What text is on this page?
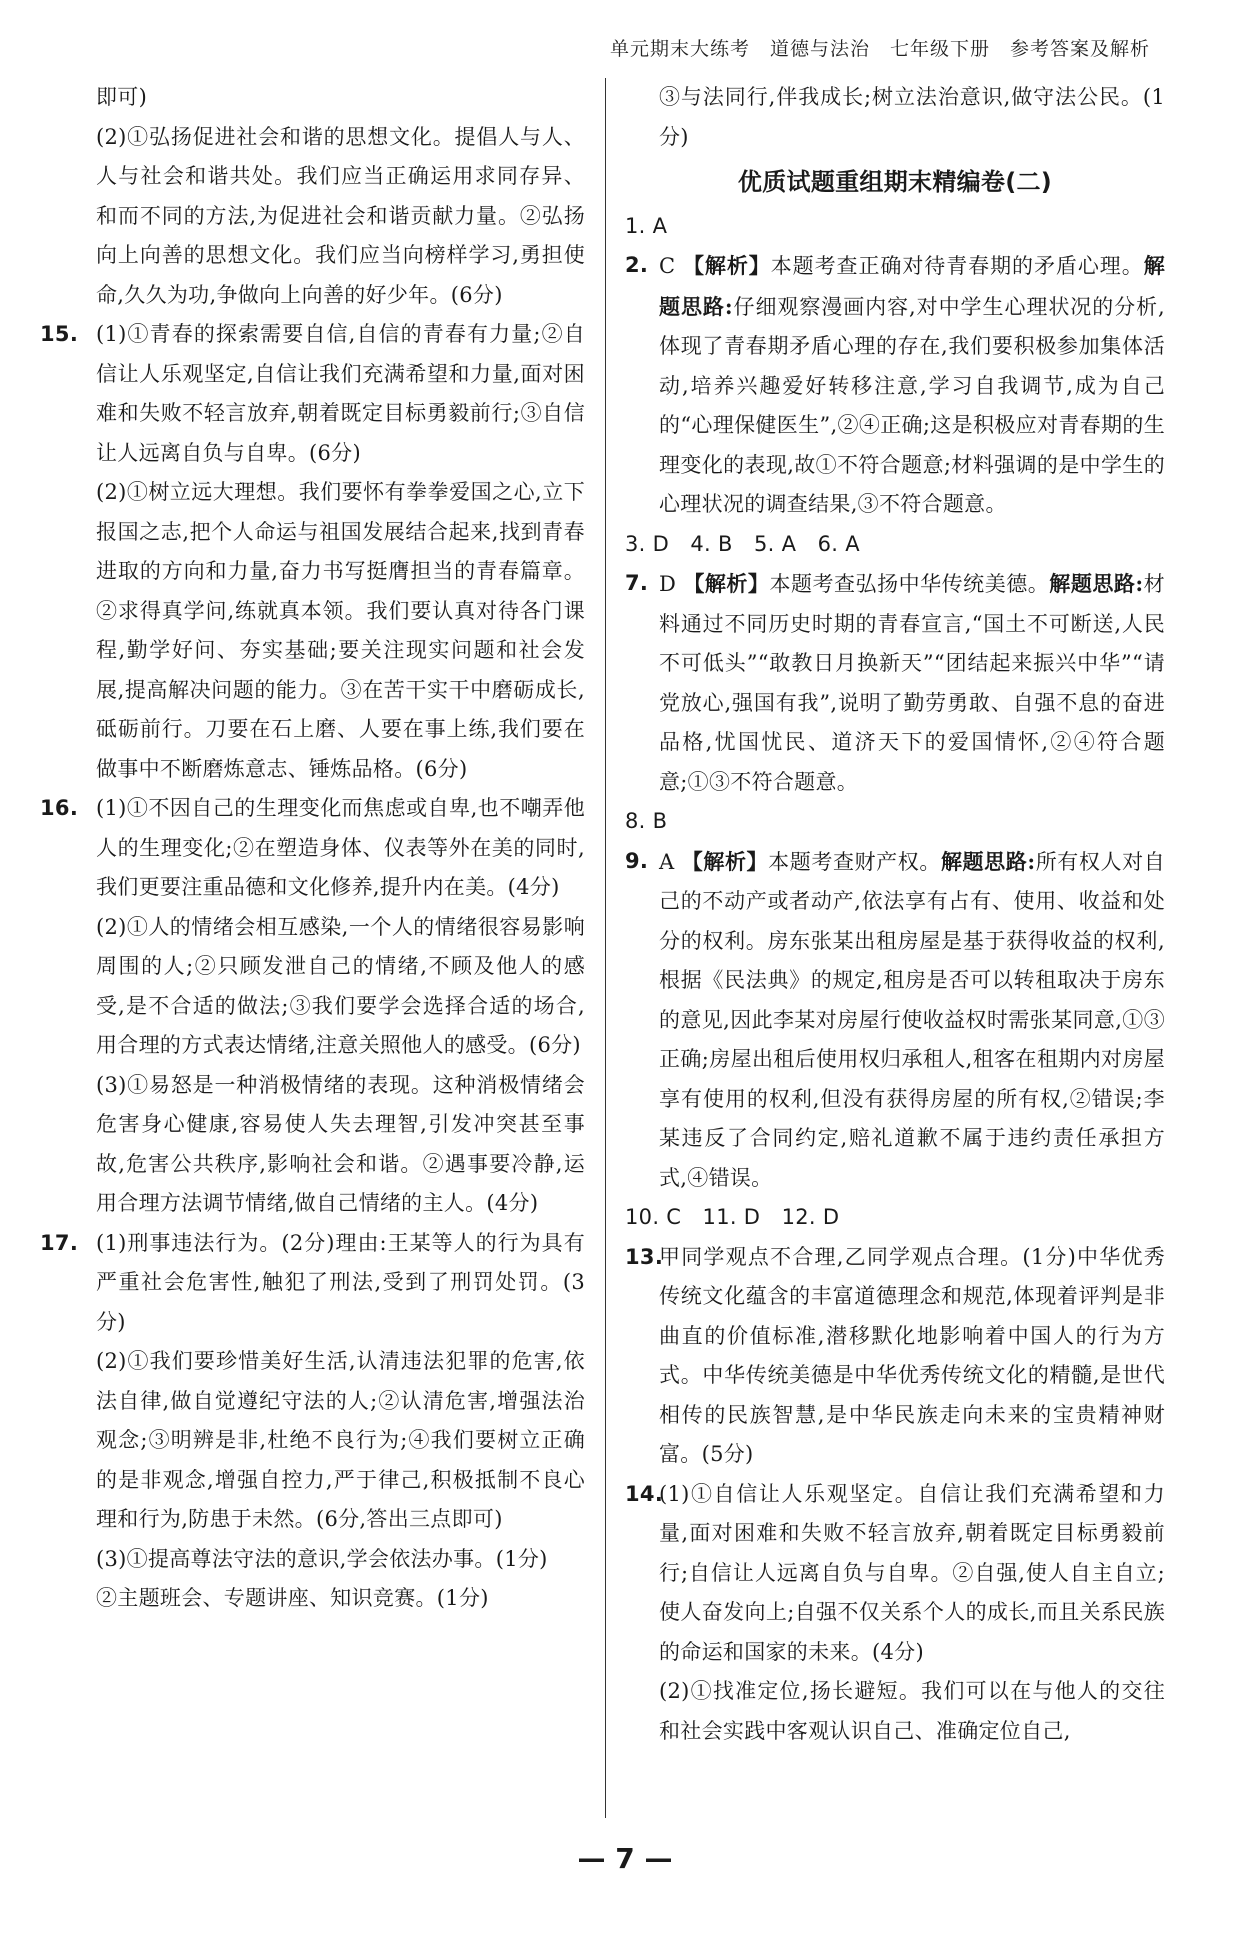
单元期末大练考　道德与法治　七年级下册　参考答案及解析

即可)

(2)①弘扬促进社会和谐的思想文化。提倡人与人、人与社会和谐共处。我们应当正确运用求同存异、和而不同的方法,为促进社会和谐贡献力量。②弘扬向上向善的思想文化。我们应当向榜样学习,勇担使命,久久为功,争做向上向善的好少年。(6分)

15. (1)①青春的探索需要自信,自信的青春有力量;②自信让人乐观坚定,自信让我们充满希望和力量,面对困难和失败不轻言放弃,朝着既定目标勇毅前行;③自信让人远离自负与自卑。(6分)

(2)①树立远大理想。我们要怀有拳拳爱国之心,立下报国之志,把个人命运与祖国发展结合起来,找到青春进取的方向和力量,奋力书写挺膺担当的青春篇章。②求得真学问,练就真本领。我们要认真对待各门课程,勤学好问、夯实基础;要关注现实问题和社会发展,提高解决问题的能力。③在苦干实干中磨砺成长,砥砺前行。刀要在石上磨、人要在事上练,我们要在做事中不断磨炼意志、锤炼品格。(6分)

16. (1)①不因自己的生理变化而焦虑或自卑,也不嘲弄他人的生理变化;②在塑造身体、仪表等外在美的同时,我们更要注重品德和文化修养,提升内在美。(4分)

(2)①人的情绪会相互感染,一个人的情绪很容易影响周围的人;②只顾发泄自己的情绪,不顾及他人的感受,是不合适的做法;③我们要学会选择合适的场合,用合理的方式表达情绪,注意关照他人的感受。(6分)

(3)①易怒是一种消极情绪的表现。这种消极情绪会危害身心健康,容易使人失去理智,引发冲突甚至事故,危害公共秩序,影响社会和谐。②遇事要冷静,运用合理方法调节情绪,做自己情绪的主人。(4分)

17. (1)刑事违法行为。(2分)理由:王某等人的行为具有严重社会危害性,触犯了刑法,受到了刑罚处罚。(3分)

(2)①我们要珍惜美好生活,认清违法犯罪的危害,依法自律,做自觉遵纪守法的人;②认清危害,增强法治观念;③明辨是非,杜绝不良行为;④我们要树立正确的是非观念,增强自控力,严于律己,积极抵制不良心理和行为,防患于未然。(6分,答出三点即可)

(3)①提高尊法守法的意识,学会依法办事。(1分)

②主题班会、专题讲座、知识竞赛。(1分)

③与法同行,伴我成长;树立法治意识,做守法公民。(1分)

优质试题重组期末精编卷(二)

1. A

2. C 【解析】本题考查正确对待青春期的矛盾心理。解题思路:仔细观察漫画内容,对中学生心理状况的分析,体现了青春期矛盾心理的存在,我们要积极参加集体活动,培养兴趣爱好转移注意,学习自我调节,成为自己的“心理保健医生”,②④正确;这是积极应对青春期的生理变化的表现,故①不符合题意;材料强调的是中学生的心理状况的调查结果,③不符合题意。

3. D　4. B　5. A　6. A

7. D 【解析】本题考查弘扬中华传统美德。解题思路:材料通过不同历史时期的青春宣言,“国土不可断送,人民不可低头”“敢教日月换新天”“团结起来振兴中华”“请党放心,强国有我”,说明了勤劳勇敢、自强不息的奋进品格,忧国忧民、道济天下的爱国情怀,②④符合题意;①③不符合题意。

8. B

9. A 【解析】本题考查财产权。解题思路:所有权人对自己的不动产或者动产,依法享有占有、使用、收益和处分的权利。房东张某出租房屋是基于获得收益的权利,根据《民法典》的规定,租房是否可以转租取决于房东的意见,因此李某对房屋行使收益权时需张某同意,①③正确;房屋出租后使用权归承租人,租客在租期内对房屋享有使用的权利,但没有获得房屋的所有权,②错误;李某违反了合同约定,赔礼道歉不属于违约责任承担方式,④错误。

10. C　11. D　12. D

13.
甲同学观点不合理,乙同学观点合理。(1分)中华优秀传统文化蕴含的丰富道德理念和规范,体现着评判是非曲直的价值标准,潜移默化地影响着中国人的行为方式。中华传统美德是中华优秀传统文化的精髓,是世代相传的民族智慧,是中华民族走向未来的宝贵精神财富。(5分)
14.
(1)①自信让人乐观坚定。自信让我们充满希望和力量,面对困难和失败不轻言放弃,朝着既定目标勇毅前行;自信让人远离自负与自卑。②自强,使人自主自立;使人奋发向上;自强不仅关系个人的成长,而且关系民族的命运和国家的未来。(4分)

(2)①找准定位,扬长避短。我们可以在与他人的交往和社会实践中客观认识自己、准确定位自己,

— 7 —
